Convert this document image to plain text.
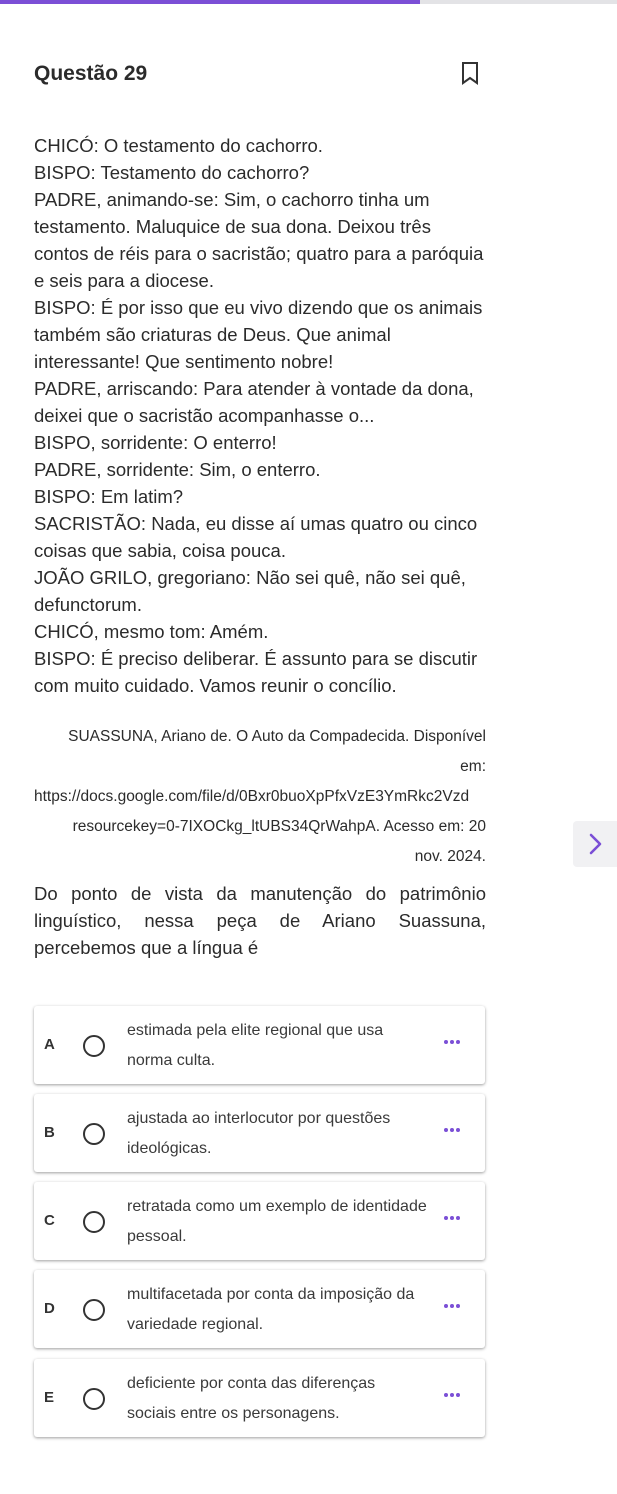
Questão 29

CHICÓ: O testamento do cachorro.

BISPO: Testamento do cachorro?

PADRE, animando-se: Sim, o cachorro tinha um testamento. Maluquice de sua dona. Deixou três contos de réis para o sacristão; quatro para a paróquia e seis para a diocese.

BISPO: É por isso que eu vivo dizendo que os animais também são criaturas de Deus. Que animal interessante! Que sentimento nobre!

PADRE, arriscando: Para atender à vontade da dona, deixei que o sacristão acompanhasse o...

BISPO, sorridente: O enterro!

PADRE, sorridente: Sim, o enterro.

BISPO: Em latim?

SACRISTÃO: Nada, eu disse aí umas quatro ou cinco coisas que sabia, coisa pouca.

JOÃO GRILO, gregoriano: Não sei quê, não sei quê, defunctorum.

CHICÓ, mesmo tom: Amém.

BISPO: É preciso deliberar. É assunto para se discutir com muito cuidado. Vamos reunir o concílio.

SUASSUNA, Ariano de. O Auto da Compadecida. Disponível
em:
https://docs.google.com/file/d/0Bxr0buoXpPfxVzE3YmRkc2Vzd
resourcekey=0-7IXOCkg_ltUBS34QrWahpA. Acesso em: 20
nov. 2024.
Do ponto de vista da manutenção do patrimônio linguístico, nessa peça de Ariano Suassuna, percebemos que a língua é
A
estimada pela elite regional que usa norma culta.
B
ajustada ao interlocutor por questões ideológicas.
C
retratada como um exemplo de identidade pessoal.
D
multifacetada por conta da imposição da variedade regional.
E
deficiente por conta das diferenças sociais entre os personagens.
